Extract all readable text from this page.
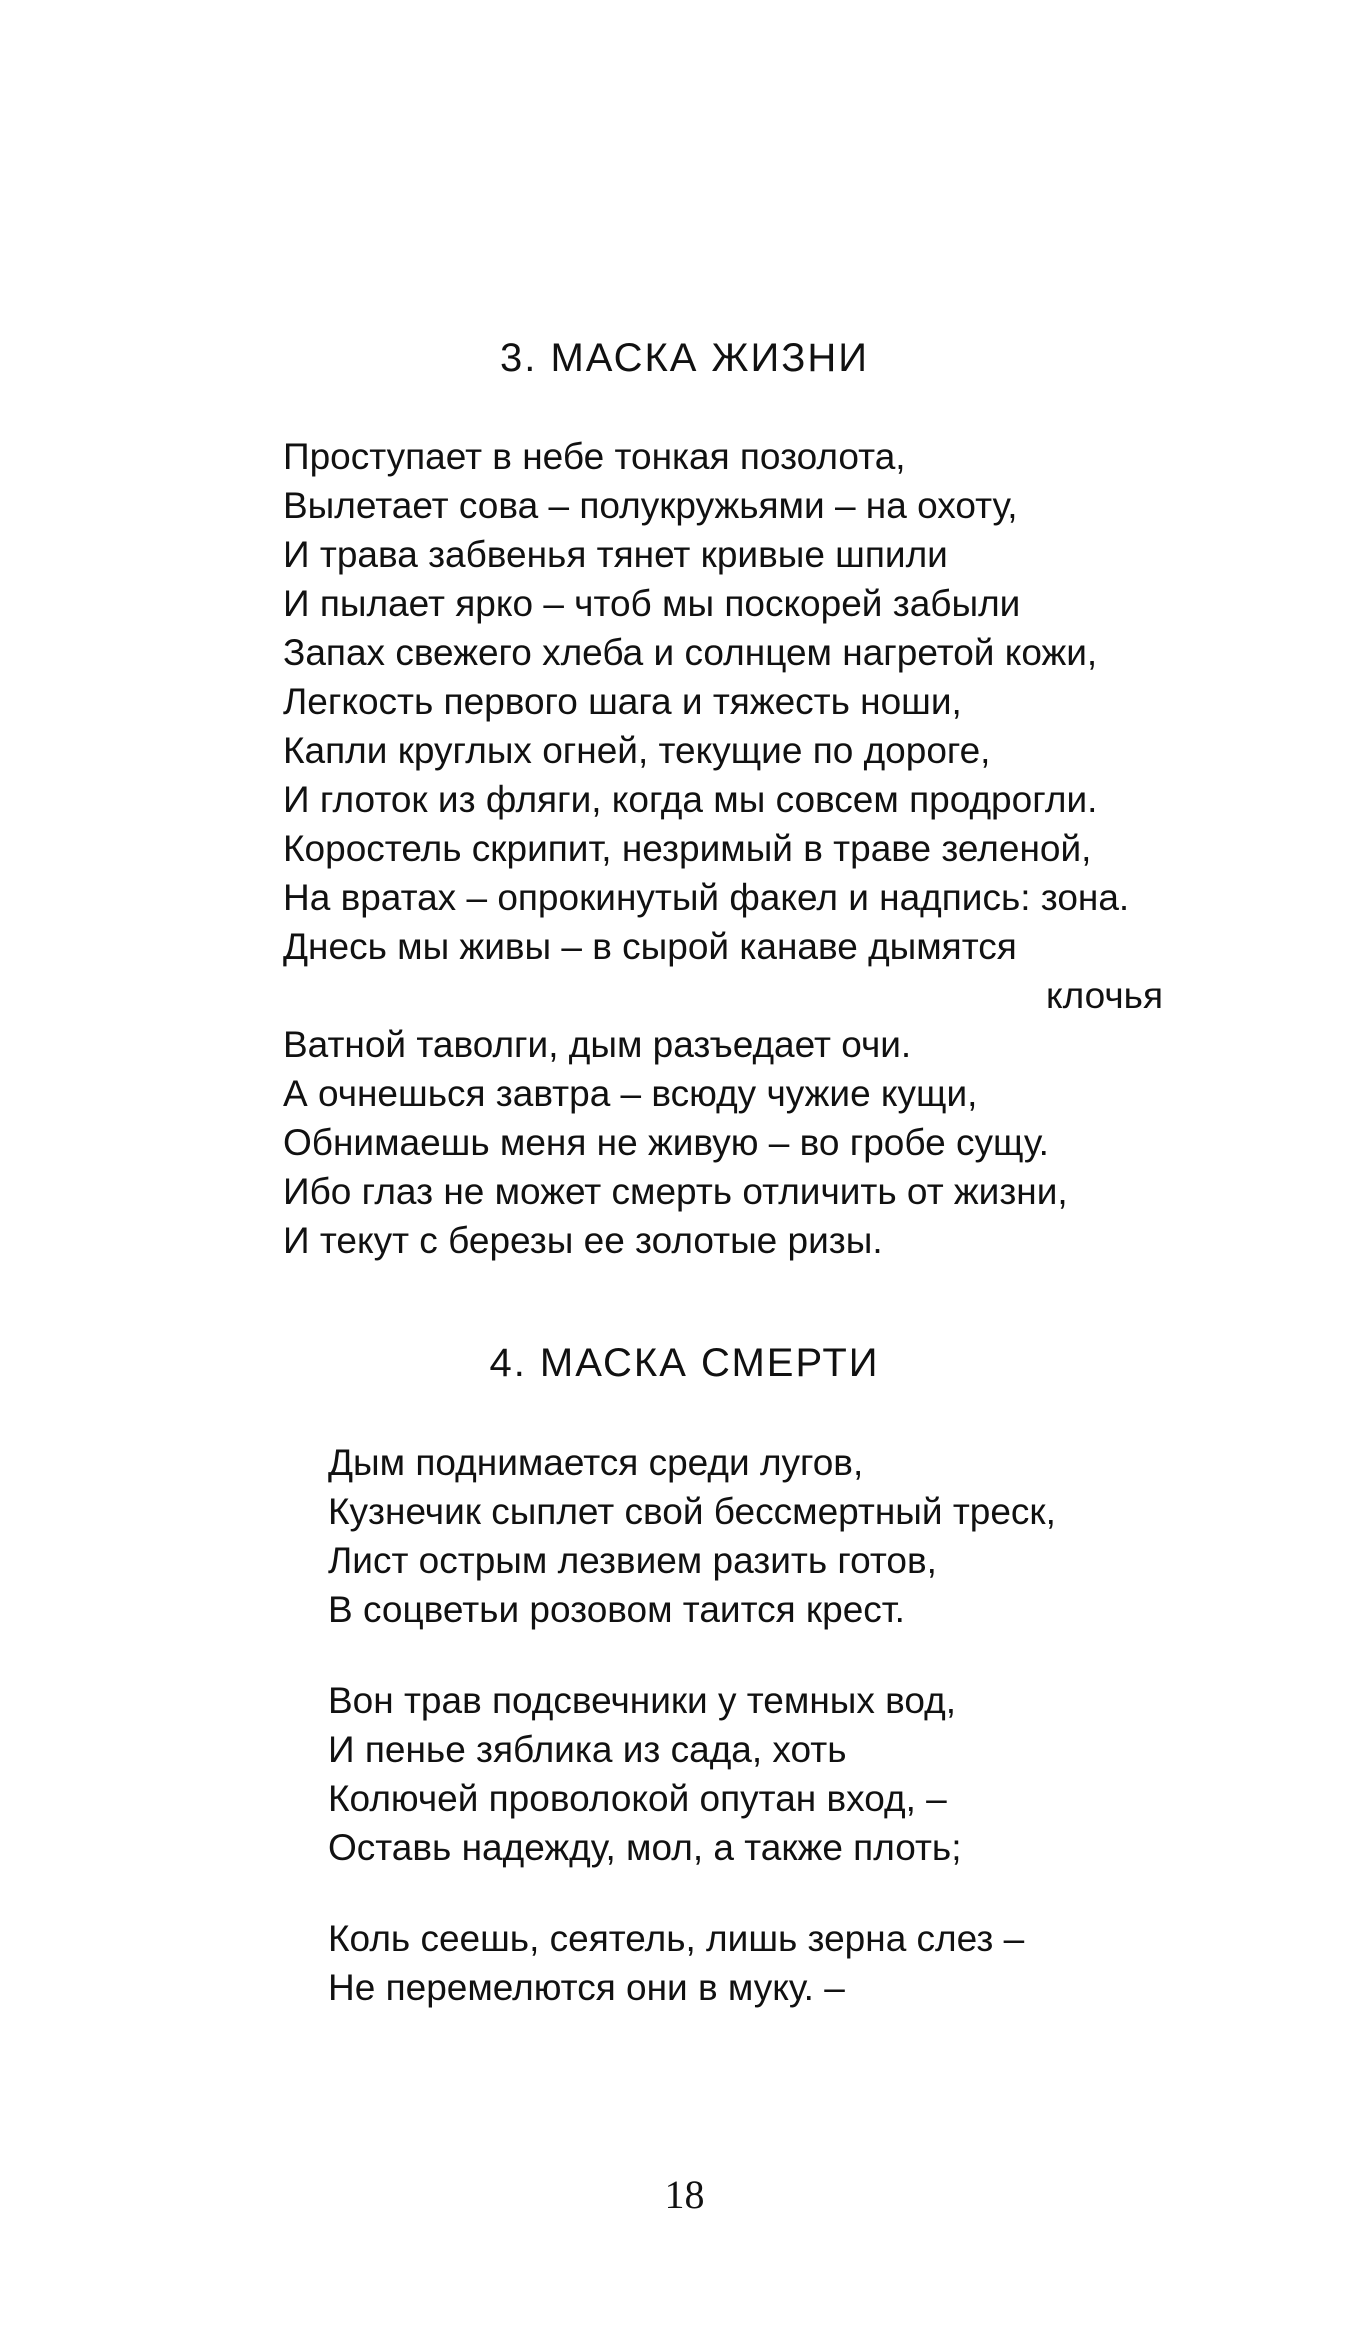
3. МАСКА ЖИЗНИ
Проступает в небе тонкая позолота,
Вылетает сова – полукружьями – на охоту,
И трава забвенья тянет кривые шпили
И пылает ярко – чтоб мы поскорей забыли
Запах свежего хлеба и солнцем нагретой кожи,
Легкость первого шага и тяжесть ноши,
Капли круглых огней, текущие по дороге,
И глоток из фляги, когда мы совсем продрогли.
Коростель скрипит, незримый в траве зеленой,
На вратах – опрокинутый факел и надпись: зона.
Днесь мы живы – в сырой канаве дымятся
клочья
Ватной таволги, дым разъедает очи.
А очнешься завтра – всюду чужие кущи,
Обнимаешь меня не живую – во гробе сущу.
Ибо глаз не может смерть отличить от жизни,
И текут с березы ее золотые ризы.
4. МАСКА СМЕРТИ
Дым поднимается среди лугов,
Кузнечик сыплет свой бессмертный треск,
Лист острым лезвием разить готов,
В соцветьи розовом таится крест.
Вон трав подсвечники у темных вод,
И пенье зяблика из сада, хоть
Колючей проволокой опутан вход, –
Оставь надежду, мол, а также плоть;
Коль сеешь, сеятель, лишь зерна слез –
Не перемелются они в муку. –
18
